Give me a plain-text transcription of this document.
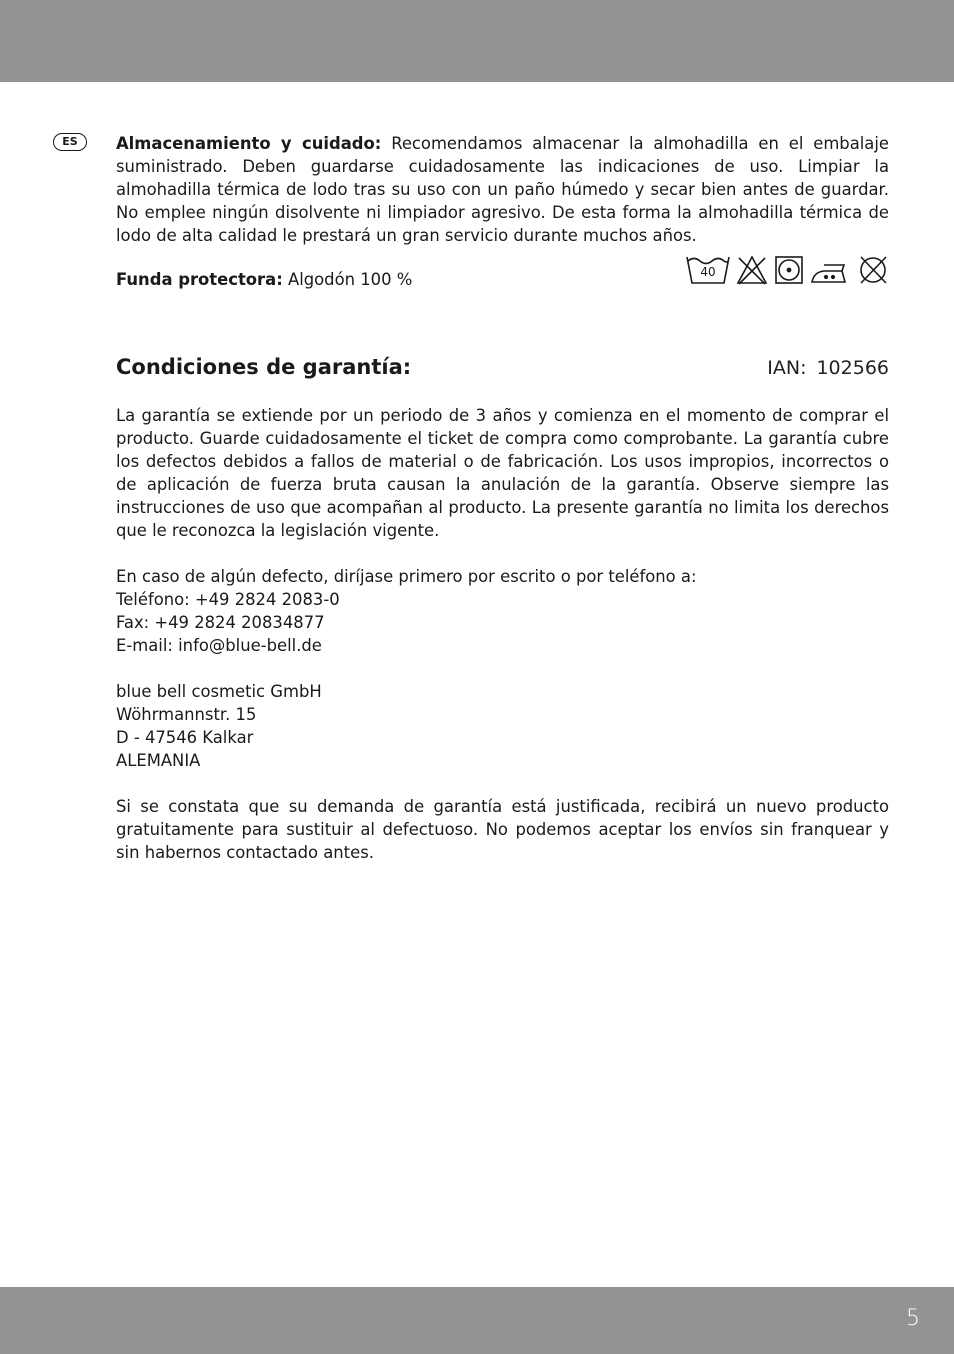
ES	Almacenamiento y cuidado: Recomendamos almacenar la almohadilla en el embalaje suministrado. Deben guardarse cuidadosamente las indicaciones de uso. Limpiar la almohadilla térmica de lodo tras su uso con un paño húmedo y secar bien antes de guardar. No emplee ningún disolvente ni limpiador agresivo. De esta forma la almohadilla térmica de lodo de alta calidad le prestará un gran servicio durante muchos años.

Funda protectora: Algodón 100 %	40
Condiciones de garantía:	IAN: 102566

La garantía se extiende por un periodo de 3 años y comienza en el momento de comprar el producto. Guarde cuidadosamente el ticket de compra como comprobante. La garantía cubre los defectos debidos a fallos de material o de fabricación. Los usos impropios, incorrectos o de aplicación de fuerza bruta causan la anulación de la garantía. Observe siempre las instrucciones de uso que acompañan al producto. La presente garantía no limita los derechos que le reconozca la legislación vigente.

En caso de algún defecto, diríjase primero por escrito o por teléfono a:

Teléfono: +49 2824 2083-0

Fax: +49 2824 20834877

E-mail: info@blue-bell.de

blue bell cosmetic GmbH

Wöhrmannstr. 15

D - 47546 Kalkar

ALEMANIA

Si se constata que su demanda de garantía está justificada, recibirá un nuevo producto gratuitamente para sustituir al defectuoso. No podemos aceptar los envíos sin franquear y sin habernos contactado antes.

5
